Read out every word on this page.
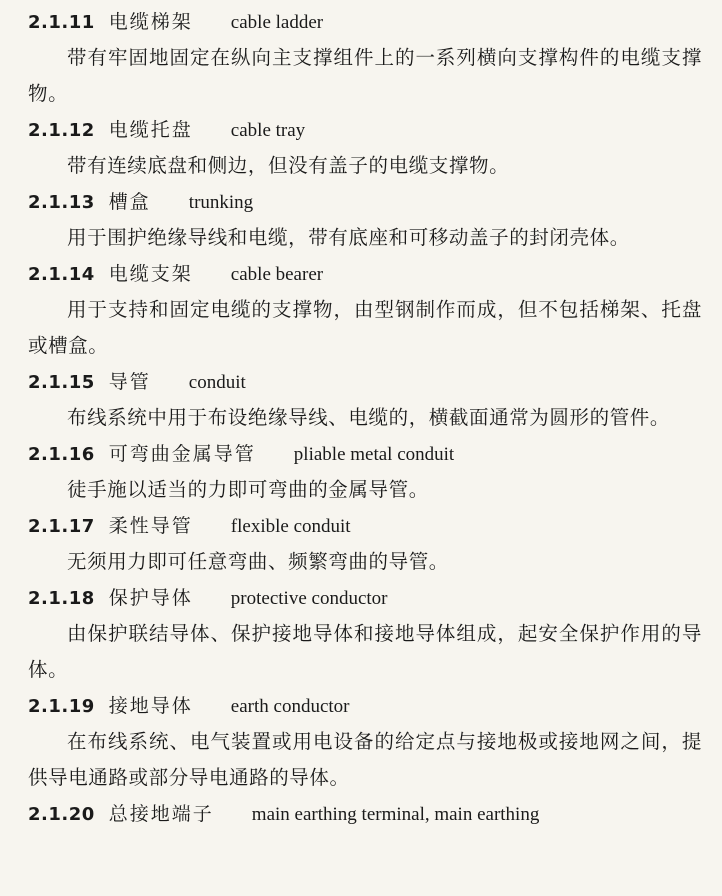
2.1.11 电缆梯架 cable ladder

带有牢固地固定在纵向主支撑组件上的一系列横向支撑构件的电缆支撑物。

2.1.12 电缆托盘 cable tray

带有连续底盘和侧边，但没有盖子的电缆支撑物。

2.1.13 槽盒 trunking

用于围护绝缘导线和电缆，带有底座和可移动盖子的封闭壳体。

2.1.14 电缆支架 cable bearer

用于支持和固定电缆的支撑物，由型钢制作而成，但不包括梯架、托盘或槽盒。

2.1.15 导管 conduit

布线系统中用于布设绝缘导线、电缆的，横截面通常为圆形的管件。

2.1.16 可弯曲金属导管 pliable metal conduit

徒手施以适当的力即可弯曲的金属导管。

2.1.17 柔性导管 flexible conduit

无须用力即可任意弯曲、频繁弯曲的导管。

2.1.18 保护导体 protective conductor

由保护联结导体、保护接地导体和接地导体组成，起安全保护作用的导体。

2.1.19 接地导体 earth conductor

在布线系统、电气装置或用电设备的给定点与接地极或接地网之间，提供导电通路或部分导电通路的导体。

2.1.20 总接地端子 main earthing terminal, main earthing
